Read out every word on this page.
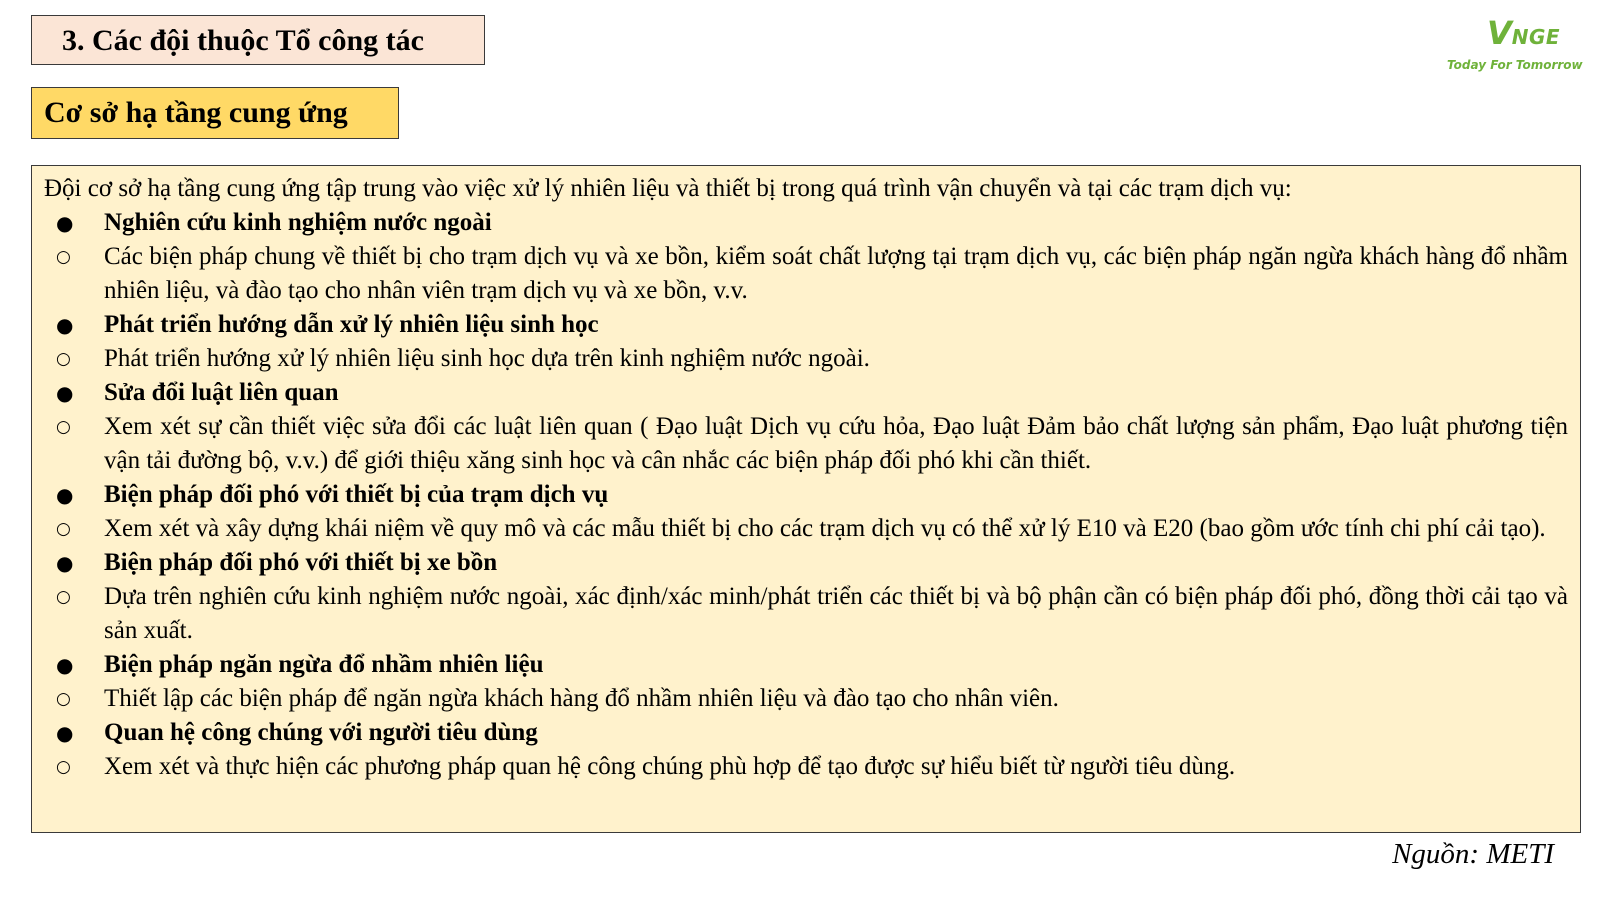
3. Các đội thuộc Tổ công tác
Cơ sở hạ tầng cung ứng
VNGE
Today For Tomorrow

Đội cơ sở hạ tầng cung ứng tập trung vào việc xử lý nhiên liệu và thiết bị trong quá trình vận chuyển và tại các trạm dịch vụ:

● Nghiên cứu kinh nghiệm nước ngoài
○ Các biện pháp chung về thiết bị cho trạm dịch vụ và xe bồn, kiểm soát chất lượng tại trạm dịch vụ, các biện pháp ngăn ngừa khách hàng đổ nhầm nhiên liệu, và đào tạo cho nhân viên trạm dịch vụ và xe bồn, v.v.
● Phát triển hướng dẫn xử lý nhiên liệu sinh học
○ Phát triển hướng xử lý nhiên liệu sinh học dựa trên kinh nghiệm nước ngoài.
● Sửa đổi luật liên quan
○ Xem xét sự cần thiết việc sửa đổi các luật liên quan ( Đạo luật Dịch vụ cứu hỏa, Đạo luật Đảm bảo chất lượng sản phẩm, Đạo luật phương tiện vận tải đường bộ, v.v.) để giới thiệu xăng sinh học và cân nhắc các biện pháp đối phó khi cần thiết.
● Biện pháp đối phó với thiết bị của trạm dịch vụ
○ Xem xét và xây dựng khái niệm về quy mô và các mẫu thiết bị cho các trạm dịch vụ có thể xử lý E10 và E20 (bao gồm ước tính chi phí cải tạo).
● Biện pháp đối phó với thiết bị xe bồn
○ Dựa trên nghiên cứu kinh nghiệm nước ngoài, xác định/xác minh/phát triển các thiết bị và bộ phận cần có biện pháp đối phó, đồng thời cải tạo và sản xuất.
● Biện pháp ngăn ngừa đổ nhầm nhiên liệu
○ Thiết lập các biện pháp để ngăn ngừa khách hàng đổ nhầm nhiên liệu và đào tạo cho nhân viên.
● Quan hệ công chúng với người tiêu dùng
○ Xem xét và thực hiện các phương pháp quan hệ công chúng phù hợp để tạo được sự hiểu biết từ người tiêu dùng.
Nguồn: METI
